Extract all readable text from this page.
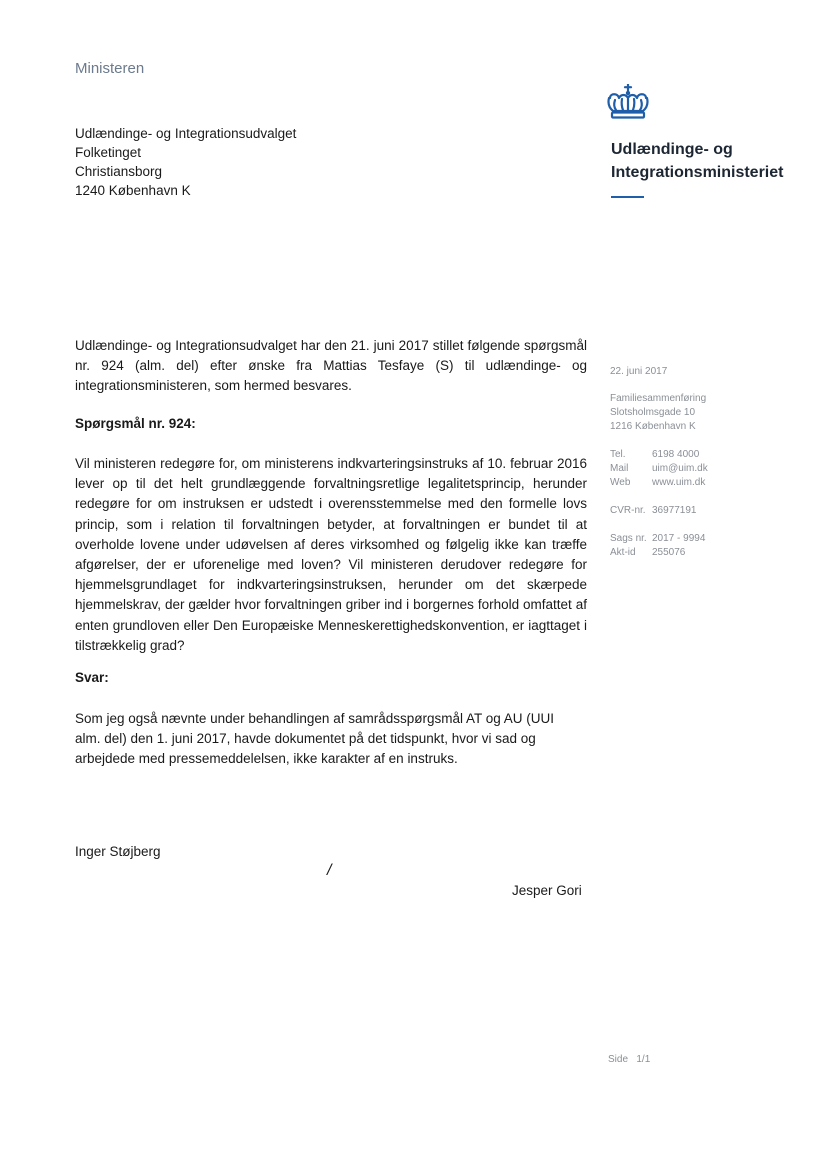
Ministeren
Udlændinge- og Integrationsudvalget
Folketinget
Christiansborg
1240 København K
Udlændinge- og
Integrationsministeriet
22. juni 2017
Familiesammenføring
Slotsholmsgade 10
1216 København K
Tel.	6198 4000
Mail uim@uim.dk
Web www.uim.dk
CVR-nr. 36977191
Sags nr. 2017 - 9994
Akt-id 255076

Udlændinge- og Integrationsudvalget har den 21. juni 2017 stillet følgende spørgsmål nr. 924 (alm. del) efter ønske fra Mattias Tesfaye (S) til udlændinge- og integrationsministeren, som hermed besvares.

Spørgsmål nr. 924:

Vil ministeren redegøre for, om ministerens indkvarteringsinstruks af 10. februar 2016 lever op til det helt grundlæggende forvaltningsretlige legalitetsprincip, herunder redegøre for om instruksen er udstedt i overensstemmelse med den formelle lovs princip, som i relation til forvaltningen betyder, at forvaltningen er bundet til at overholde lovene under udøvelsen af deres virksomhed og følgelig ikke kan træffe afgørelser, der er uforenelige med loven? Vil ministeren derudover redegøre for hjemmelsgrundlaget for indkvarteringsinstruksen, herunder om det skærpede hjemmelskrav, der gælder hvor forvaltningen griber ind i borgernes forhold omfattet af enten grundloven eller Den Europæiske Menneskerettighedskonvention, er iagttaget i tilstrækkelig grad?

Svar:

Som jeg også nævnte under behandlingen af samrådsspørgsmål AT og AU (UUI alm. del) den 1. juni 2017, havde dokumentet på det tidspunkt, hvor vi sad og arbejdede med pressemeddelelsen, ikke karakter af en instruks.

Inger Støjberg
/
Jesper Gori
Side 1/1
